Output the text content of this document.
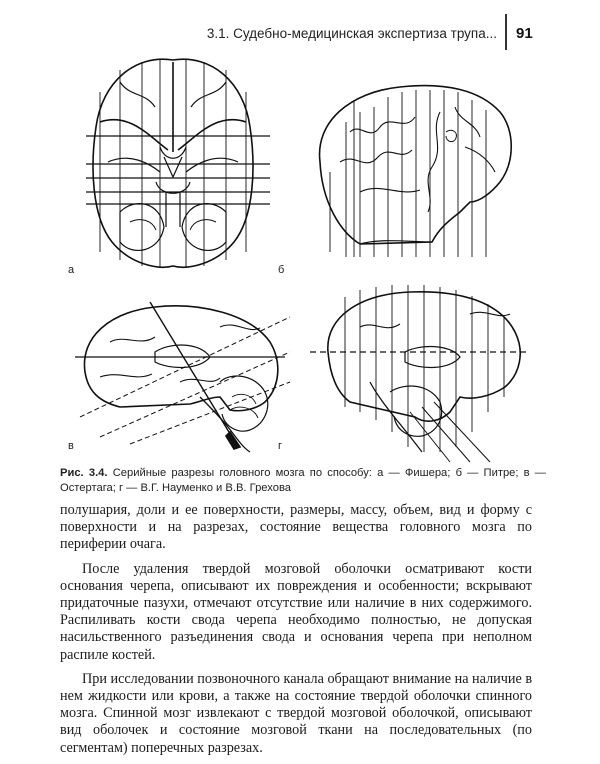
3.1. Судебно-медицинская экспертиза трупа... 91
а	б
в	г
Рис. 3.4. Серийные разрезы головного мозга по способу: а — Фишера; б — Питре; в — Остертага; г — В.Г. Науменко и В.В. Грехова

полушария, доли и ее поверхности, размеры, массу, объем, вид и форму с поверхности и на разрезах, состояние вещества головного мозга по периферии очага.

После удаления твердой мозговой оболочки осматривают кости основания черепа, описывают их повреждения и особенности; вскрывают придаточные пазухи, отмечают отсутствие или наличие в них содержимого. Распиливать кости свода черепа необходимо полностью, не допуская насильственного разъединения свода и основания черепа при неполном распиле костей.

При исследовании позвоночного канала обращают внимание на наличие в нем жидкости или крови, а также на состояние твердой оболочки спинного мозга. Спинной мозг извлекают с твердой мозговой оболочкой, описывают вид оболочек и состояние мозговой ткани на последовательных (по сегментам) поперечных разрезах.
